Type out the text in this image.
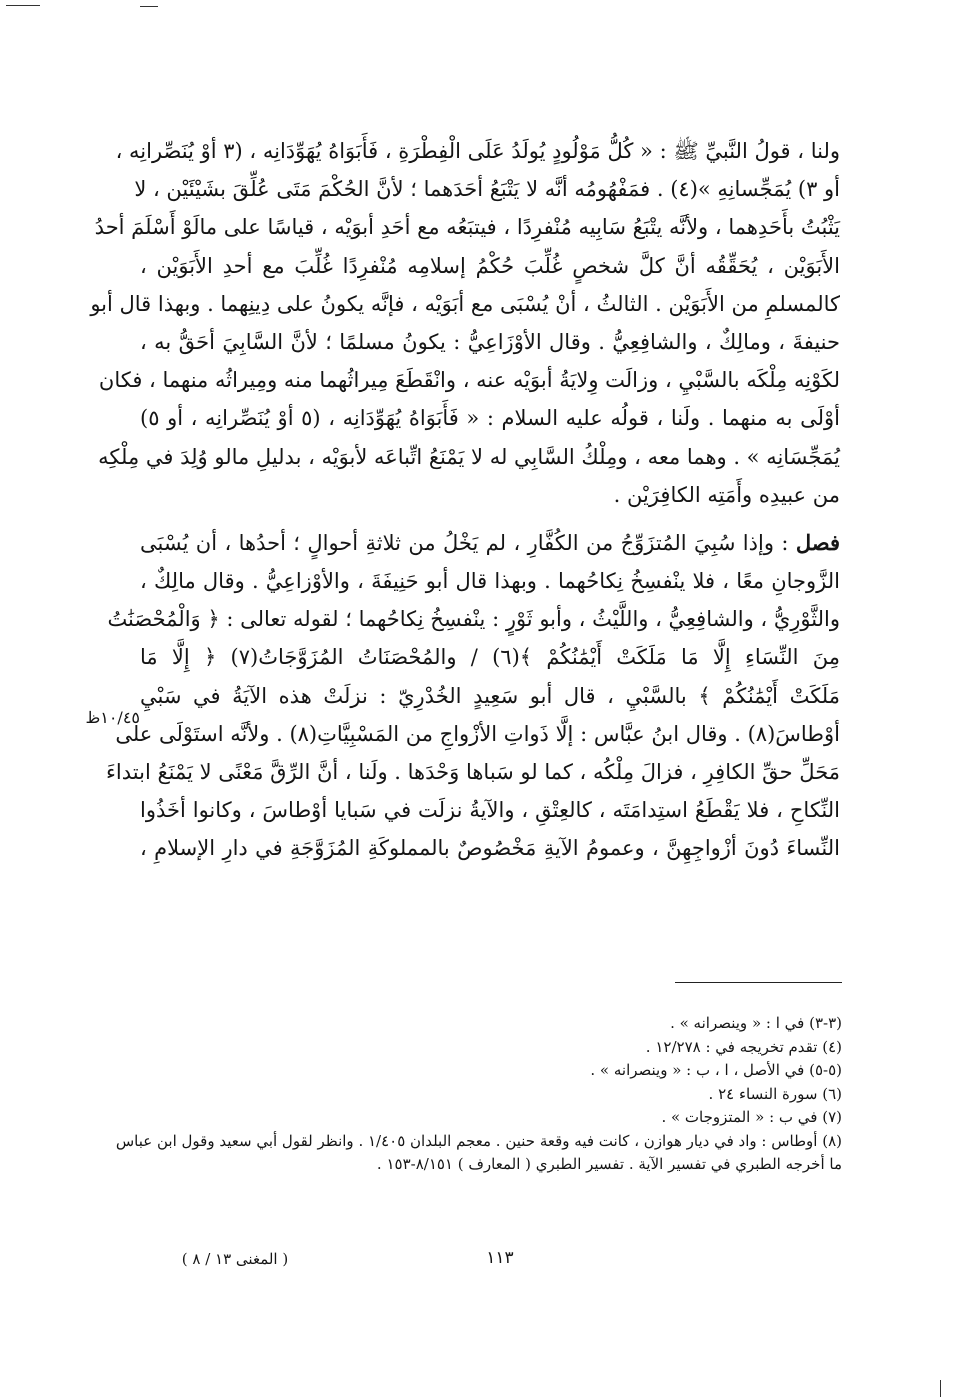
ولنا ، قولُ النَّبيِّ ﷺ : « كُلُّ مَوْلُودٍ يُولَدُ عَلَى الْفِطْرَةِ ، فَأَبَوَاهُ يُهَوِّدَانِه ، (٣ أوْ يُنَصِّرانِه ،
أو ٣) يُمَجِّسانِهِ »(٤) . فمَفْهُومُه أنَّه لا يَتْبَعُ أحَدَهما ؛ لأنَّ الحُكْمَ مَتَى عُلِّقَ بشَيْئَيْن ، لا
يَثْبُتُ بأَحَدِهما ، ولأنَّه يتْبَعُ سَابِيه مُنْفرِدًا ، فيتبَعُه مع أحَدِ أبوَيْه ، قياسًا على مالَوْ أَسْلَمَ أحدُ
الأَبَوَيْن ، يُحَقِّقُه أنَّ كلَّ شخصٍ غُلِّبَ حُكْمُ إسلامِه مُنْفرِدًا غُلِّبَ مع أحدِ الأَبَوَيْن ،
كالمسلمِ من الأَبَوَيْن . الثالثُ ، أنْ يُسْبَى مع أبَوَيْه ، فإنَّه يكونُ على دِينِهما . وبهذا قال أبو
حنيفةَ ، ومالِكٌ ، والشافِعِيُّ . وقال الأوْزَاعِيُّ : يكونُ مسلمًا ؛ لأنَّ السَّابِيَ أحَقُّ به ،
لكَوْنِه مِلْكَه بالسَّبْيِ ، وزالَت وِلايَةُ أبوَيْه عنه ، وانْقَطَعَ مِيراثُهما منه ومِيراثُه منهما ، فكان
أوْلَى به منهما . ولَنا ، قولُه عليه السلام : « فَأَبَوَاهُ يُهَوِّدَانِه ، (٥ أوْ يُنَصِّرانِه ، أو ٥)
يُمَجِّسَانِه » . وهما معه ، ومِلْكُ السَّابِي له لا يَمْنَعُ اتِّباعَه لأبوَيْه ، بدليلِ مالو وُلِدَ في مِلْكِه
من عبيدِه وأَمَتِه الكافِرَيْن .
فصل : وإذا سُبِيَ المُتزَوِّجُ من الكُفَّارِ ، لم يَخْلُ من ثلاثةِ أحوالٍ ؛ أحدُها ، أن يُسْبَى
الزَّوجانِ معًا ، فلا ينْفسِخُ نِكاحُهما . وبهذا قال أبو حَنِيفَةَ ، والأوْزاعِيُّ . وقال مالِكٌ ،
والثَّوْرِيُّ ، والشافِعِيُّ ، واللَّيْثُ ، وأبو ثَوْرٍ : ينْفسِخُ نِكاحُهما ؛ لقوله تعالى : ﴿ وَالْمُحْصَنَٰتُ
مِنَ النِّسَاءِ إِلَّا مَا مَلَكَتْ أَيْمَٰنُكُمْ ﴾(٦) / والمُحْصَنَاتُ المُزَوَّجَاتُ(٧) ﴿ إِلَّا مَا
مَلَكَتْ أَيْمَٰنُكُمْ ﴾ بالسَّبْيِ ، قال أبو سَعِيدٍ الخُدْرِيّ : نزلَتْ هذه الآيَةُ في سَبْيِ
أوْطاسَ(٨) . وقال ابنُ عبَّاس : إلَّا ذَواتِ الأزْواجِ من المَسْبِيَّاتِ(٨) . ولأنَّه استَوْلَى على
مَحَلِّ حقِّ الكافِرِ ، فزالَ مِلْكُه ، كما لو سَباها وَحْدَها . ولَنا ، أنَّ الرِّقَّ مَعْنًى لا يَمْنَعُ ابتداءَ
النِّكاحِ ، فلا يَقْطَعُ استِدامَتَه ، كالعِتْقِ ، والآيةُ نزلَت في سَبايا أوْطاسَ ، وكانوا أخَذُوا
النِّساءَ دُونَ أزْواجِهِنَّ ، وعمومُ الآيةِ مَخْصُوصٌ بالمملوكَةِ المُزَوَّجَةِ في دارِ الإسلامِ ،
١٠/٤٥ظ
(٣-٣) في ا : « وينصرانه » .
(٤) تقدم تخريجه في : ١٢/٢٧٨ .
(٥-٥) في الأصل ، ا ، ب : « وينصرانه » .
(٦) سورة النساء ٢٤ .
(٧) في ب : « المتزوجات » .
(٨) أوطاس : واد في ديار هوازن ، كانت فيه وقعة حنين . معجم البلدان ١/٤٠٥ . وانظر لقول أبي سعيد وقول ابن عباس
ما أخرجه الطبري في تفسير الآية . تفسير الطبري ( المعارف ) ٨/١٥١-١٥٣ .
١١٣
( المغنى ١٣ / ٨ )
